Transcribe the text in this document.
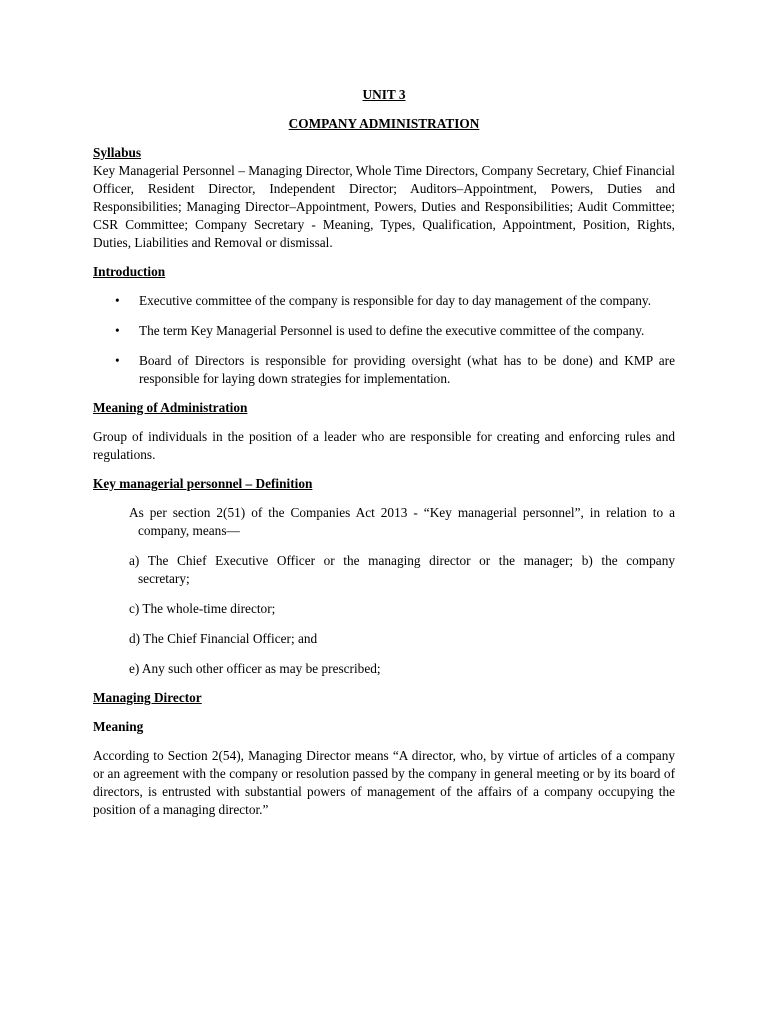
UNIT 3
COMPANY ADMINISTRATION
Syllabus

Key Managerial Personnel – Managing Director, Whole Time Directors, Company Secretary, Chief Financial Officer, Resident Director, Independent Director; Auditors–Appointment, Powers, Duties and Responsibilities; Managing Director–Appointment, Powers, Duties and Responsibilities; Audit Committee; CSR Committee; Company Secretary - Meaning, Types, Qualification, Appointment, Position, Rights, Duties, Liabilities and Removal or dismissal.

Introduction
• Executive committee of the company is responsible for day to day management of the company.
• The term Key Managerial Personnel is used to define the executive committee of the company.
• Board of Directors is responsible for providing oversight (what has to be done) and KMP are responsible for laying down strategies for implementation.
Meaning of Administration

Group of individuals in the position of a leader who are responsible for creating and enforcing rules and regulations.

Key managerial personnel – Definition
As per section 2(51) of the Companies Act 2013 - “Key managerial personnel”, in relation to a
company, means—
a) The Chief Executive Officer or the managing director or the manager; b) the company
secretary;
c) The whole-time director;
d) The Chief Financial Officer; and
e) Any such other officer as may be prescribed;
Managing Director
Meaning

According to Section 2(54), Managing Director means “A director, who, by virtue of articles of a company or an agreement with the company or resolution passed by the company in general meeting or by its board of directors, is entrusted with substantial powers of management of the affairs of a company occupying the position of a managing director.”
